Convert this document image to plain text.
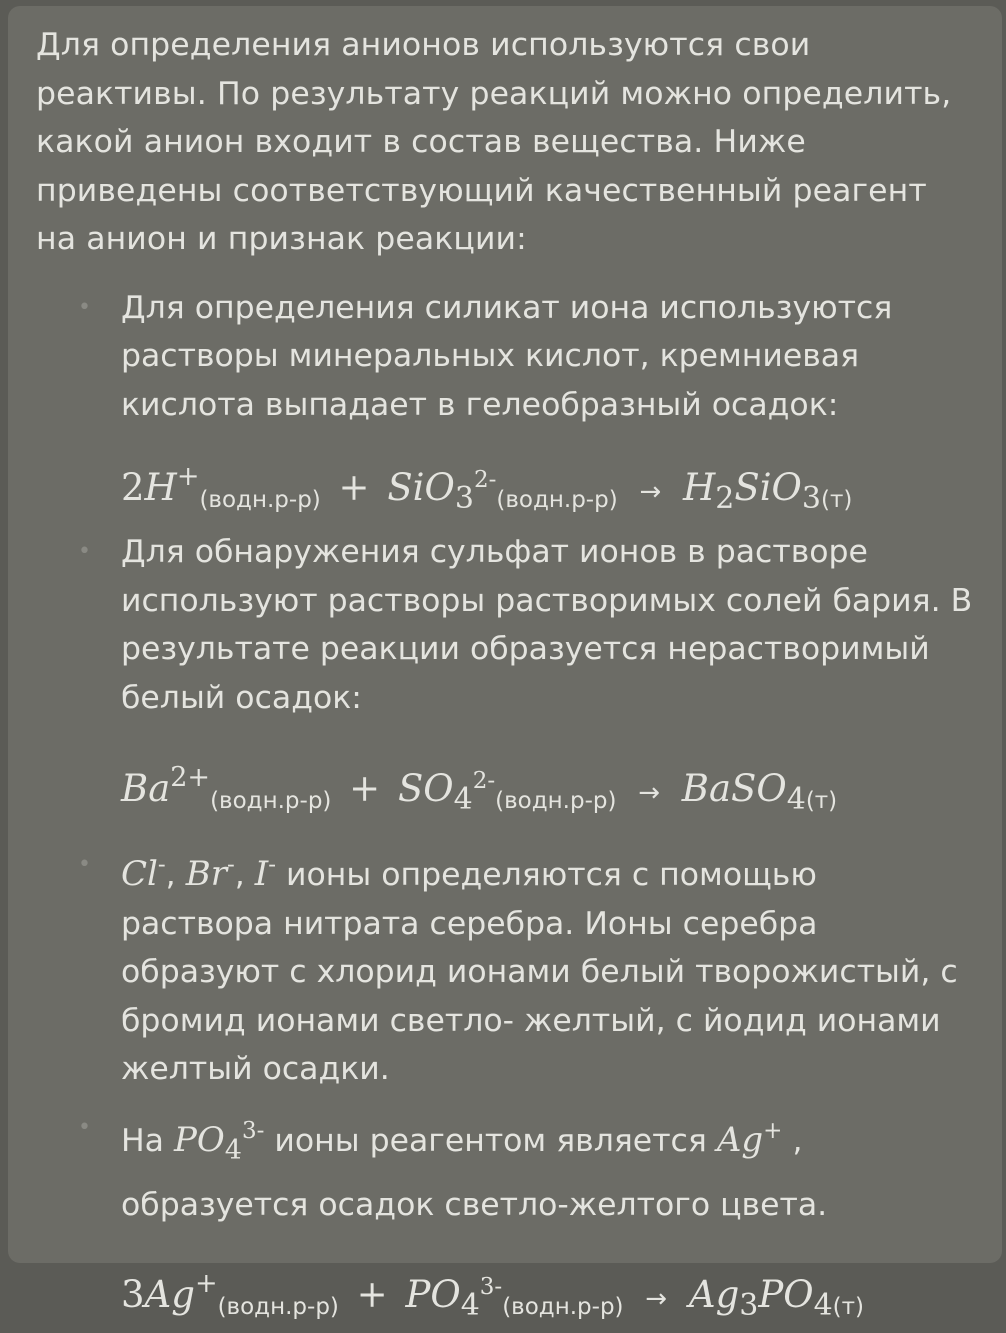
Для определения анионов используются свои реактивы. По результату реакций можно определить, какой анион входит в состав вещества. Ниже приведены соответствующий качественный реагент на анион и признак реакции:

• Для определения силикат иона используются растворы минеральных кислот, кремниевая кислота выпадает в гелеобразный осадок:

$2H^+_{(водн.р-р)} + SiO_3^{2-}_{(водн.р-р)} \to H_2SiO_{3(т)}$
• Для обнаружения сульфат ионов в растворе используют растворы растворимых солей бария. В результате реакции образуется нерастворимый белый осадок:

$Ba^{2+}_{(водн.р-р)} + SO_4^{2-}_{(водн.р-р)}$ → BaSO$_{4(т)}$
• Cl-, Br-, I- ионы определяются с помощью раствора нитрата серебра. Ионы серебра образуют с хлорид ионами белый творожистый, с бромид ионами светло- желтый, с йодид ионами желтый осадки.

• На $PO4^{3-}$ ионы реагентом является Ag+ ,
образуется осадок светло-желтого цвета.

$3Ag^+_{(водн.р-р)} + PO_4^{3-}_{(водн.р-р)} \to Ag_3PO_{4(т)}$
